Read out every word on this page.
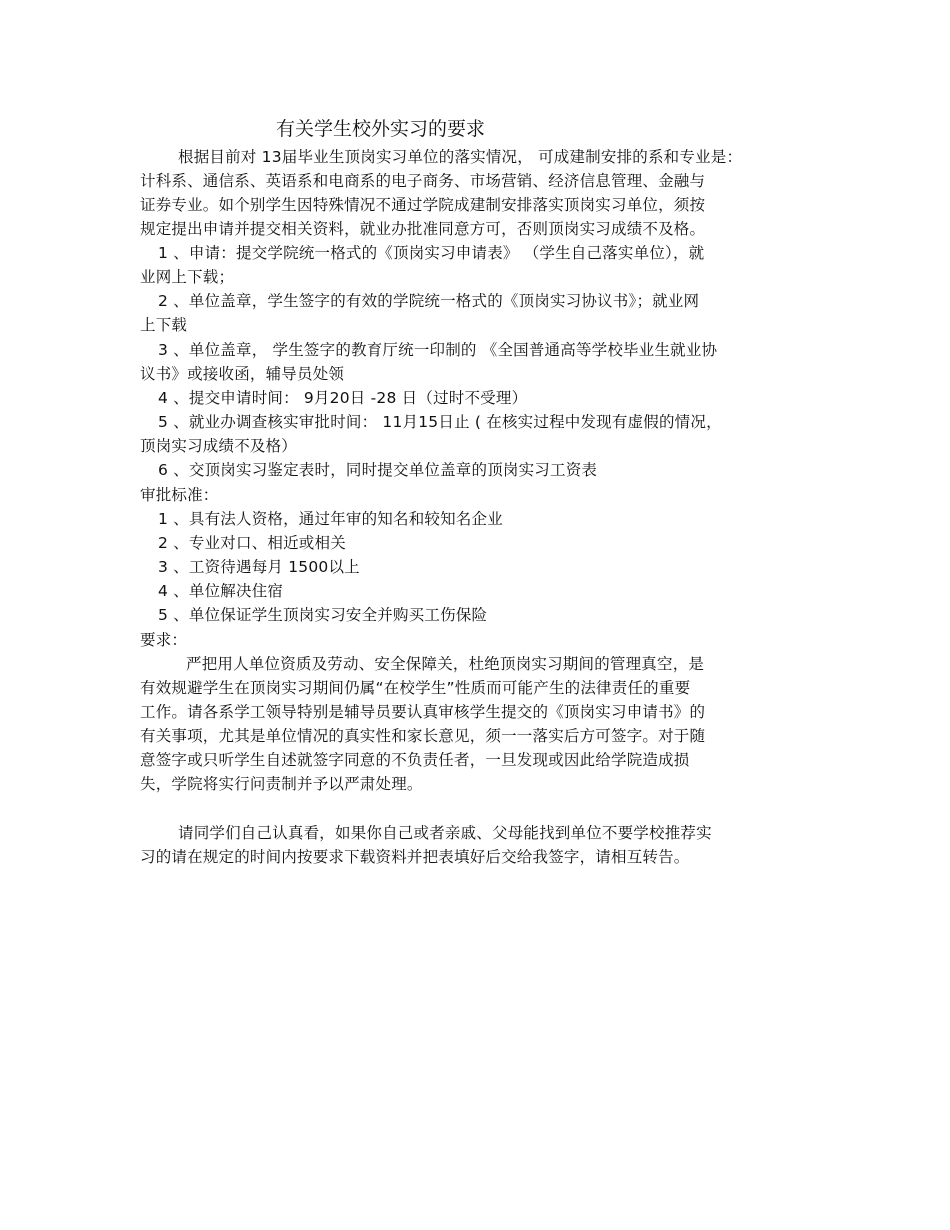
有关学生校外实习的要求
根据目前对 13届毕业生顶岗实习单位的落实情况， 可成建制安排的系和专业是：
计科系、通信系、英语系和电商系的电子商务、市场营销、经济信息管理、金融与
证券专业。如个别学生因特殊情况不通过学院成建制安排落实顶岗实习单位，须按
规定提出申请并提交相关资料，就业办批准同意方可，否则顶岗实习成绩不及格。
1 、申请：提交学院统一格式的《顶岗实习申请表》 （学生自己落实单位），就
业网上下载；
2 、单位盖章，学生签字的有效的学院统一格式的《顶岗实习协议书》；就业网
上下载
3 、单位盖章， 学生签字的教育厅统一印制的 《全国普通高等学校毕业生就业协
议书》或接收函，辅导员处领
4 、提交申请时间： 9月20日 -28 日（过时不受理）
5 、就业办调查核实审批时间： 11月15日止 ( 在核实过程中发现有虚假的情况，
顶岗实习成绩不及格）
6 、交顶岗实习鉴定表时，同时提交单位盖章的顶岗实习工资表
审批标准：
1 、具有法人资格，通过年审的知名和较知名企业
2 、专业对口、相近或相关
3 、工资待遇每月 1500以上
4 、单位解决住宿
5 、单位保证学生顶岗实习安全并购买工伤保险
要求：
严把用人单位资质及劳动、安全保障关，杜绝顶岗实习期间的管理真空，是
有效规避学生在顶岗实习期间仍属“在校学生”性质而可能产生的法律责任的重要
工作。请各系学工领导特别是辅导员要认真审核学生提交的《顶岗实习申请书》的
有关事项，尤其是单位情况的真实性和家长意见，须一一落实后方可签字。对于随
意签字或只听学生自述就签字同意的不负责任者，一旦发现或因此给学院造成损
失，学院将实行问责制并予以严肃处理。
请同学们自己认真看，如果你自己或者亲戚、父母能找到单位不要学校推荐实
习的请在规定的时间内按要求下载资料并把表填好后交给我签字，请相互转告。
